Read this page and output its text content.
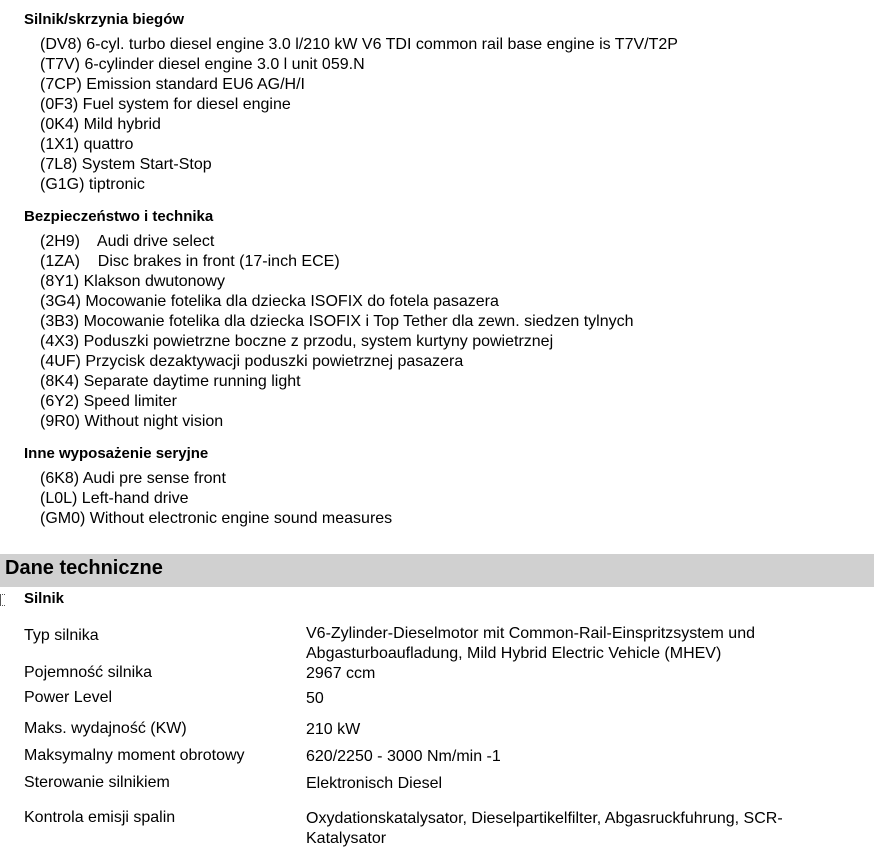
Silnik/skrzynia biegów
(DV8) 6-cyl. turbo diesel engine 3.0 l/210 kW V6 TDI common rail base engine is T7V/T2P
(T7V) 6-cylinder diesel engine 3.0 l unit 059.N
(7CP) Emission standard EU6 AG/H/I
(0F3) Fuel system for diesel engine
(0K4) Mild hybrid
(1X1) quattro
(7L8) System Start-Stop
(G1G) tiptronic
Bezpieczeństwo i technika
(2H9)    Audi drive select
(1ZA)    Disc brakes in front (17-inch ECE)
(8Y1) Klakson dwutonowy
(3G4) Mocowanie fotelika dla dziecka ISOFIX do fotela pasazera
(3B3) Mocowanie fotelika dla dziecka ISOFIX i Top Tether dla zewn. siedzen tylnych
(4X3) Poduszki powietrzne boczne z przodu, system kurtyny powietrznej
(4UF) Przycisk dezaktywacji poduszki powietrznej pasazera
(8K4) Separate daytime running light
(6Y2) Speed limiter
(9R0) Without night vision
Inne wyposażenie seryjne
(6K8) Audi pre sense front
(L0L) Left-hand drive
(GM0) Without electronic engine sound measures
Dane techniczne
Silnik
Typ silnika	V6-Zylinder-Dieselmotor mit Common-Rail-Einspritzsystem und Abgasturboaufladung, Mild Hybrid Electric Vehicle (MHEV)
Pojemność silnika	2967 ccm
Power Level	50
Maks. wydajność (KW)	210 kW
Maksymalny moment obrotowy	620/2250 - 3000 Nm/min -1
Sterowanie silnikiem	Elektronisch Diesel
Kontrola emisji spalin	Oxydationskatalysator, Dieselpartikelfilter, Abgasruckfuhrung, SCR-Katalysator
